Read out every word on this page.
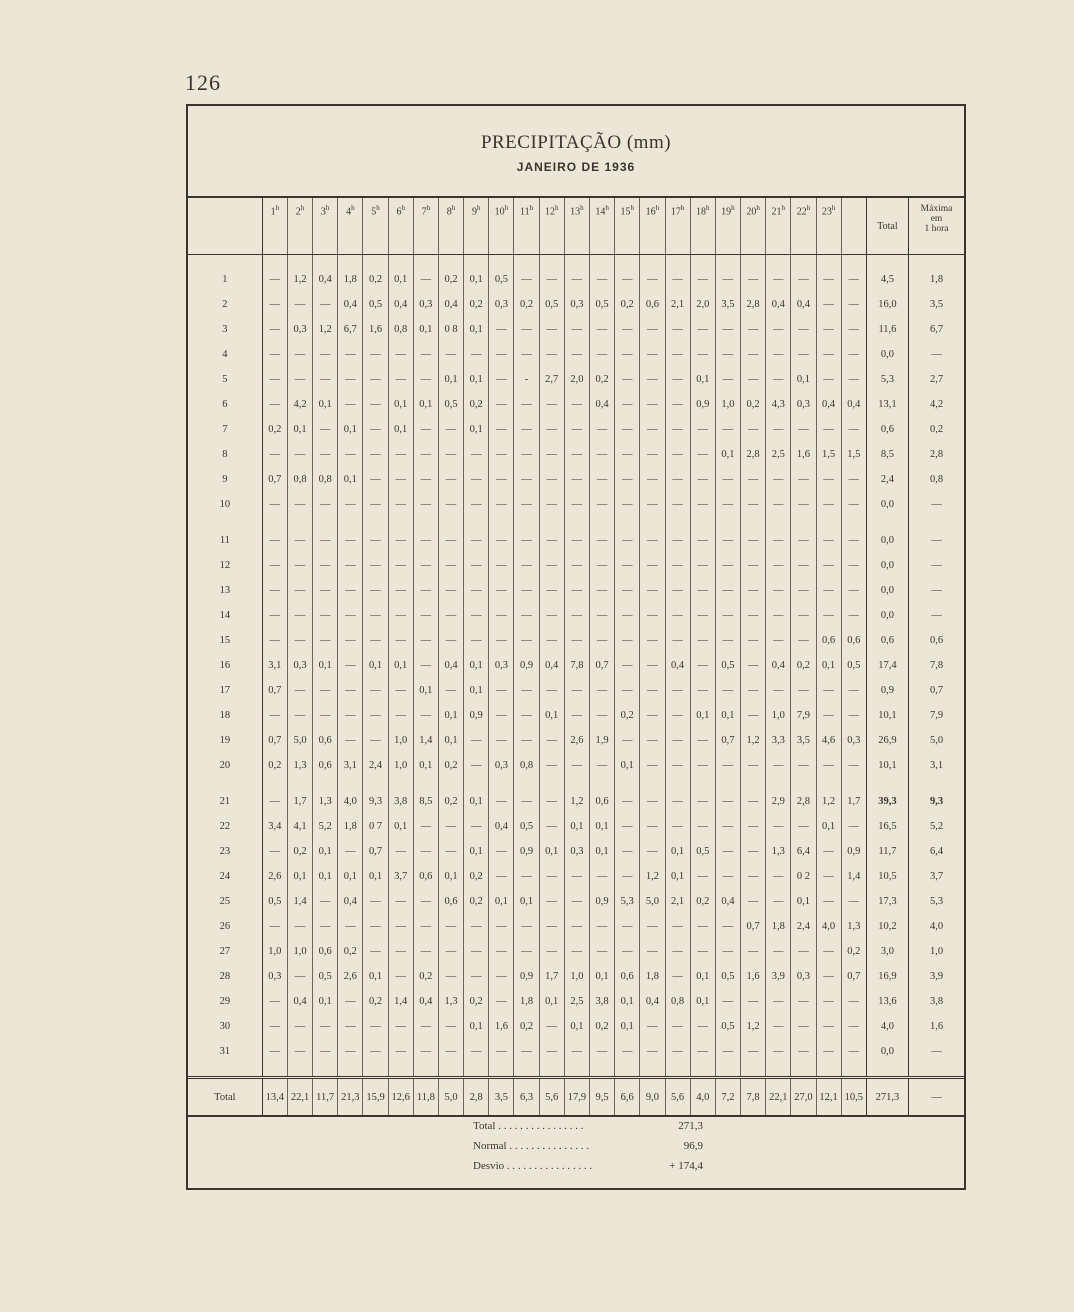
126
PRECIPITAÇÃO (mm)
JANEIRO DE 1936
	1$^h$	2$^h$	3$^h$	4$^h$	5$^h$	6$^h$	7$^h$	8$^h$	9$^h$	10$^h$	11$^h$	12$^h$	13$^h$	14$^h$	15$^h$	16$^h$	17$^h$	18$^h$	19$^h$	20$^h$	21$^h$	22$^h$	23$^h$		Total	Máxima
em
1 hora

1	—	1,2	0,4	1,8	0,2	0,1	—	0,2	0,1	0,5	—	—	—	—	—	—	—	—	—	—	—	—	—	—	4,5	1,8
2	—	—	—	0,4	0,5	0,4	0,3	0,4	0,2	0,3	0,2	0,5	0,3	0,5	0,2	0,6	2,1	2,0	3,5	2,8	0,4	0,4	—	—	16,0	3,5
3	—	0,3	1,2	6,7	1,6	0,8	0,1	0 8	0,1	—	—	—	—	—	—	—	—	—	—	—	—	—	—	—	11,6	6,7
4	—	—	—	—	—	—	—	—	—	—	—	—	—	—	—	—	—	—	—	—	—	—	—	—	0,0	—
5	—	—	—	—	—	—	—	0,1	0,1	—	-	2,7	2,0	0,2	—	—	—	0,1	—	—	—	0,1	—	—	5,3	2,7
6	—	4,2	0,1	—	—	0,1	0,1	0,5	0,2	—	—	—	—	0,4	—	—	—	0,9	1,0	0,2	4,3	0,3	0,4	0,4	13,1	4,2
7	0,2	0,1	—	0,1	—	0,1	—	—	0,1	—	—	—	—	—	—	—	—	—	—	—	—	—	—	—	0,6	0,2
8	—	—	—	—	—	—	—	—	—	—	—	—	—	—	—	—	—	—	0,1	2,8	2,5	1,6	1,5	1,5	8,5	2,8
9	0,7	0,8	0,8	0,1	—	—	—	—	—	—	—	—	—	—	—	—	—	—	—	—	—	—	—	—	2,4	0,8
10	—	—	—	—	—	—	—	—	—	—	—	—	—	—	—	—	—	—	—	—	—	—	—	—	0,0	—

11	—	—	—	—	—	—	—	—	—	—	—	—	—	—	—	—	—	—	—	—	—	—	—	—	0,0	—
12	—	—	—	—	—	—	—	—	—	—	—	—	—	—	—	—	—	—	—	—	—	—	—	—	0,0	—
13	—	—	—	—	—	—	—	—	—	—	—	—	—	—	—	—	—	—	—	—	—	—	—	—	0,0	—
14	—	—	—	—	—	—	—	—	—	—	—	—	—	—	—	—	—	—	—	—	—	—	—	—	0,0	—
15	—	—	—	—	—	—	—	—	—	—	—	—	—	—	—	—	—	—	—	—	—	—	0,6	0,6	0,6	0,6
16	3,1	0,3	0,1	—	0,1	0,1	—	0,4	0,1	0,3	0,9	0,4	7,8	0,7	—	—	0,4	—	0,5	—	0,4	0,2	0,1	0,5	17,4	7,8
17	0,7	—	—	—	—	—	0,1	—	0,1	—	—	—	—	—	—	—	—	—	—	—	—	—	—	—	0,9	0,7
18	—	—	—	—	—	—	—	0,1	0,9	—	—	0,1	—	—	0,2	—	—	0,1	0,1	—	1,0	7,9	—	—	10,1	7,9
19	0,7	5,0	0,6	—	—	1,0	1,4	0,1	—	—	—	—	2,6	1,9	—	—	—	—	0,7	1,2	3,3	3,5	4,6	0,3	26,9	5,0
20	0,2	1,3	0,6	3,1	2,4	1,0	0,1	0,2	—	0,3	0,8	—	—	—	0,1	—	—	—	—	—	—	—	—	—	10,1	3,1

21	—	1,7	1,3	4,0	9,3	3,8	8,5	0,2	0,1	—	—	—	1,2	0,6	—	—	—	—	—	—	2,9	2,8	1,2	1,7	39,3	9,3
22	3,4	4,1	5,2	1,8	0 7	0,1	—	—	—	0,4	0,5	—	0,1	0,1	—	—	—	—	—	—	—	—	0,1	—	16,5	5,2
23	—	0,2	0,1	—	0,7	—	—	—	0,1	—	0,9	0,1	0,3	0,1	—	—	0,1	0,5	—	—	1,3	6,4	—	0,9	11,7	6,4
24	2,6	0,1	0,1	0,1	0,1	3,7	0,6	0,1	0,2	—	—	—	—	—	—	1,2	0,1	—	—	—	—	0 2	—	1,4	10,5	3,7
25	0,5	1,4	—	0,4	—	—	—	0,6	0,2	0,1	0,1	—	—	0,9	5,3	5,0	2,1	0,2	0,4	—	—	0,1	—	—	17,3	5,3
26	—	—	—	—	—	—	—	—	—	—	—	—	—	—	—	—	—	—	—	0,7	1,8	2,4	4,0	1,3	10,2	4,0
27	1,0	1,0	0,6	0,2	—	—	—	—	—	—	—	—	—	—	—	—	—	—	—	—	—	—	—	0,2	3,0	1,0
28	0,3	—	0,5	2,6	0,1	—	0,2	—	—	—	0,9	1,7	1,0	0,1	0,6	1,8	—	0,1	0,5	1,6	3,9	0,3	—	0,7	16,9	3,9
29	—	0,4	0,1	—	0,2	1,4	0,4	1,3	0,2	—	1,8	0,1	2,5	3,8	0,1	0,4	0,8	0,1	—	—	—	—	—	—	13,6	3,8
30	—	—	—	—	—	—	—	—	0,1	1,6	0,2	—	0,1	0,2	0,1	—	—	—	0,5	1,2	—	—	—	—	4,0	1,6
31	—	—	—	—	—	—	—	—	—	—	—	—	—	—	—	—	—	—	—	—	—	—	—	—	0,0	—

Total	13,4	22,1	11,7	21,3	15,9	12,6	11,8	5,0	2,8	3,5	6,3	5,6	17,9	9,5	6,6	9,0	5,6	4,0	7,2	7,8	22,1	27,0	12,1	10,5	271,3	—
Total . . . . . . . . . . . . . . . .	271,3
Normal . . . . . . . . . . . . . . .	96,9
Desvio . . . . . . . . . . . . . . . .	+ 174,4
